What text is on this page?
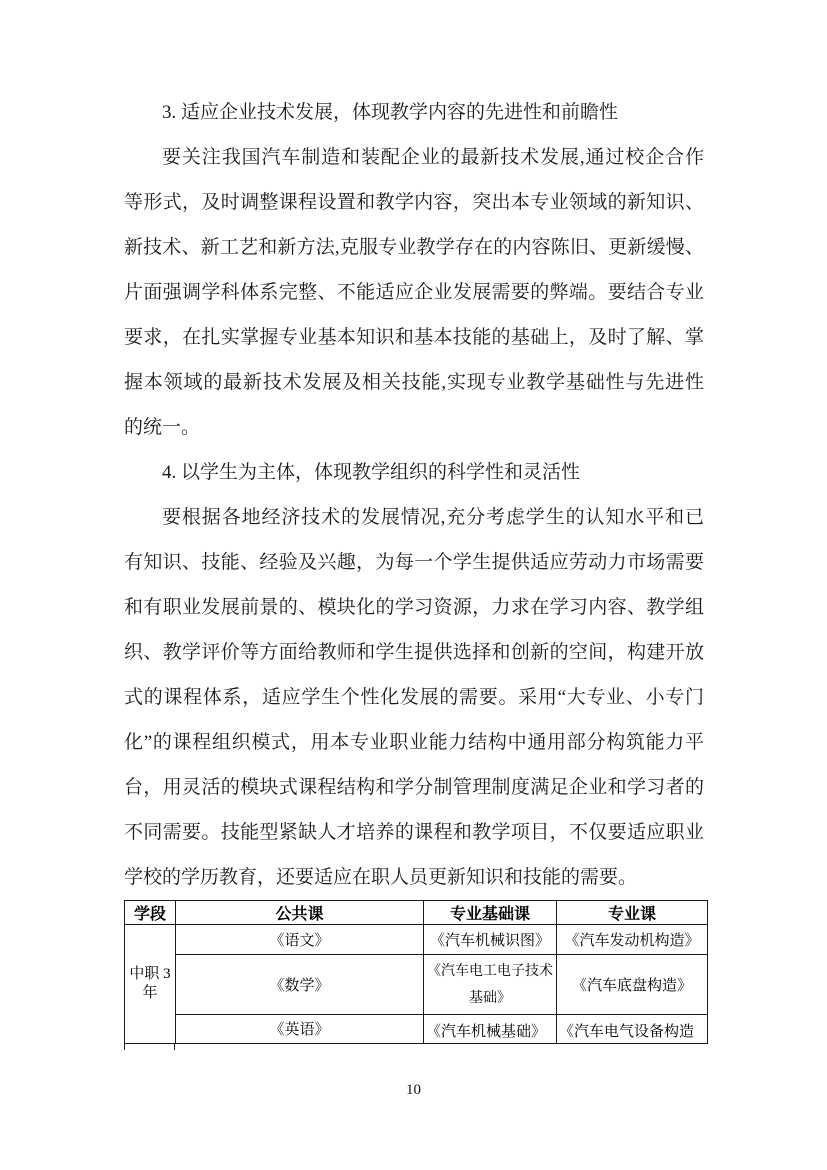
3. 适应企业技术发展，体现教学内容的先进性和前瞻性
要关注我国汽车制造和装配企业的最新技术发展,通过校企合作
等形式，及时调整课程设置和教学内容，突出本专业领域的新知识、
新技术、新工艺和新方法,克服专业教学存在的内容陈旧、更新缓慢、
片面强调学科体系完整、不能适应企业发展需要的弊端。要结合专业
要求，在扎实掌握专业基本知识和基本技能的基础上，及时了解、掌
握本领域的最新技术发展及相关技能,实现专业教学基础性与先进性
的统一。
4. 以学生为主体，体现教学组织的科学性和灵活性
要根据各地经济技术的发展情况,充分考虑学生的认知水平和已
有知识、技能、经验及兴趣，为每一个学生提供适应劳动力市场需要
和有职业发展前景的、模块化的学习资源，力求在学习内容、教学组
织、教学评价等方面给教师和学生提供选择和创新的空间，构建开放
式的课程体系，适应学生个性化发展的需要。采用“大专业、小专门
化”的课程组织模式，用本专业职业能力结构中通用部分构筑能力平
台，用灵活的模块式课程结构和学分制管理制度满足企业和学习者的
不同需要。技能型紧缺人才培养的课程和教学项目，不仅要适应职业
学校的学历教育，还要适应在职人员更新知识和技能的需要。
学段	公共课	专业基础课	专业课
中职 3 年	《语文》	《汽车机械识图》	《汽车发动机构造》
	《数学》	《汽车电工电子技术基础》	《汽车底盘构造》
	《英语》	《汽车机械基础》	《汽车电气设备构造
10
